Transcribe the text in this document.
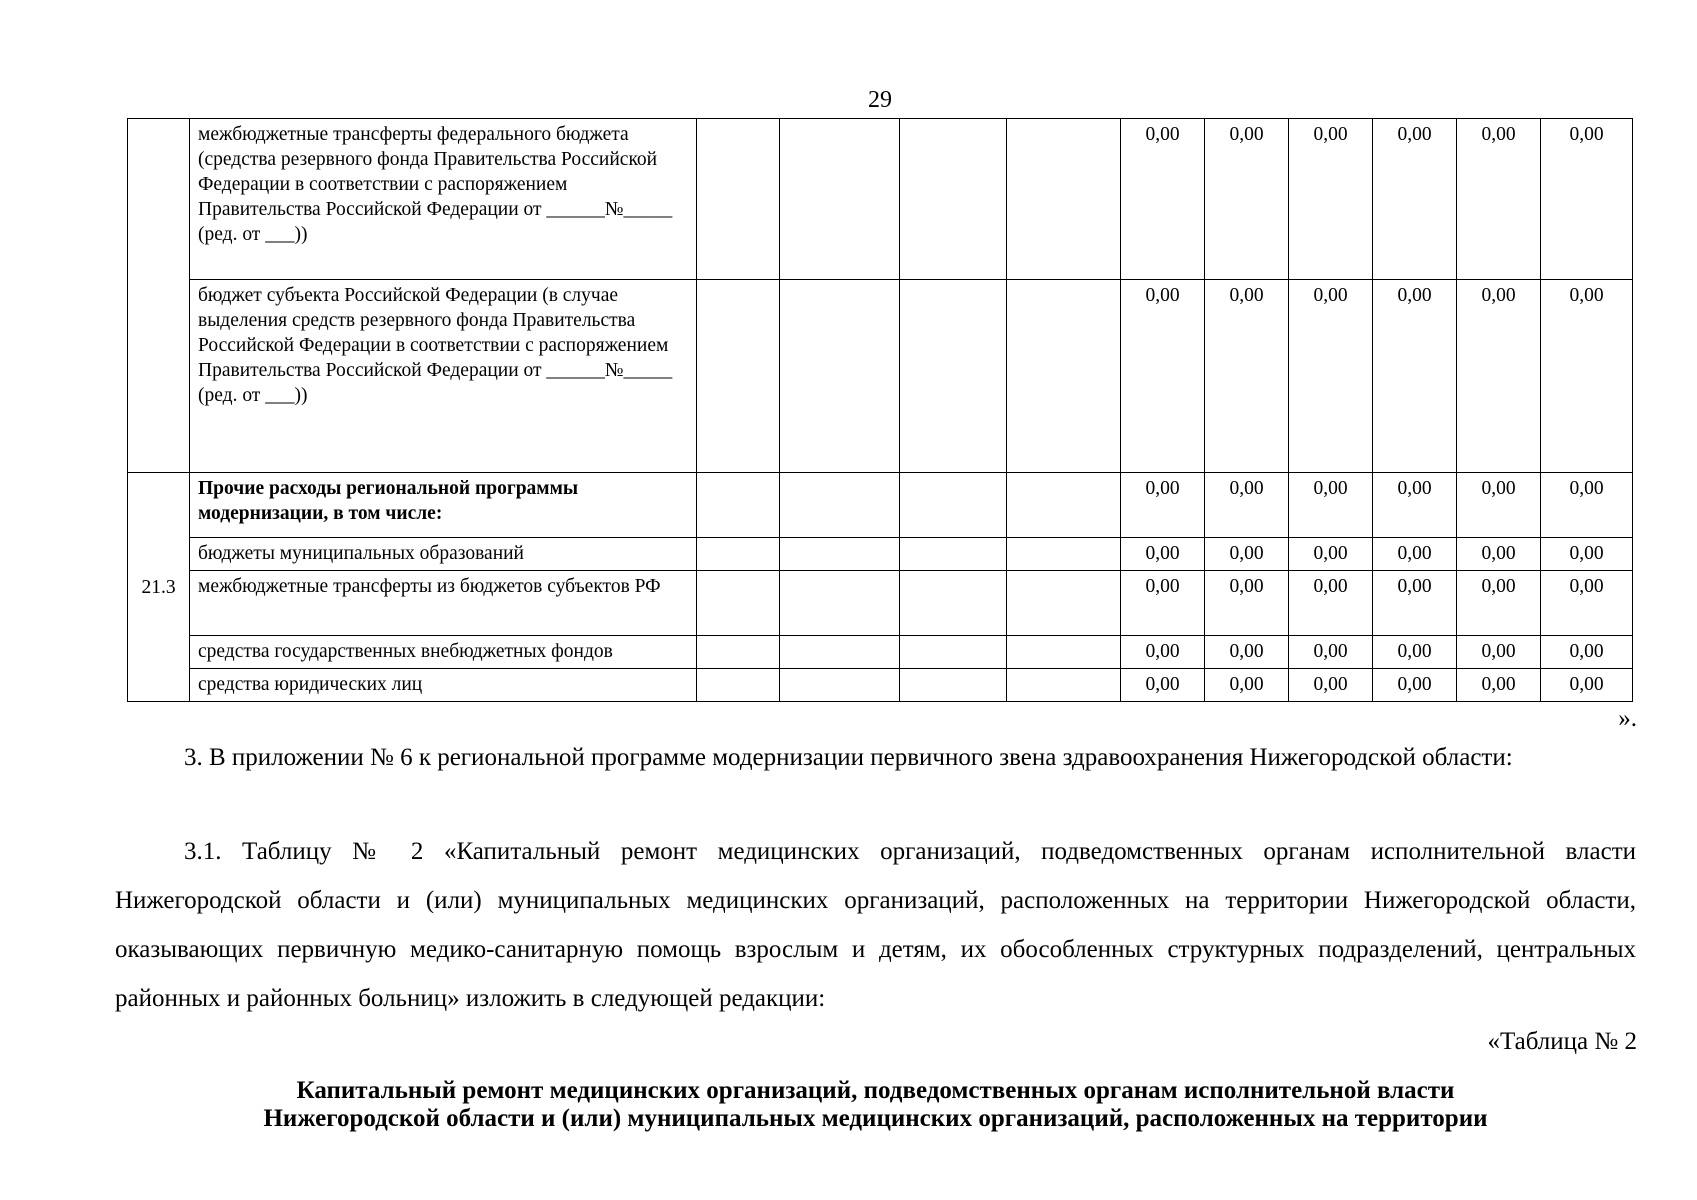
29
	межбюджетные трансферты федерального бюджета (средства резервного фонда Правительства Российской Федерации в соответствии с распоряжением Правительства Российской Федерации от ______№_____ (ред. от ___))					0,00	0,00	0,00	0,00	0,00	0,00
	бюджет субъекта Российской Федерации (в случае выделения средств резервного фонда Правительства Российской Федерации в соответствии с распоряжением Правительства Российской Федерации от ______№_____ (ред. от ___))					0,00	0,00	0,00	0,00	0,00	0,00
21.3	Прочие расходы региональной программы модернизации, в том числе:					0,00	0,00	0,00	0,00	0,00	0,00
	бюджеты муниципальных образований					0,00	0,00	0,00	0,00	0,00	0,00
	межбюджетные трансферты из бюджетов субъектов РФ					0,00	0,00	0,00	0,00	0,00	0,00
	средства государственных внебюджетных фондов					0,00	0,00	0,00	0,00	0,00	0,00
	средства юридических лиц					0,00	0,00	0,00	0,00	0,00	0,00
».
3. В приложении № 6 к региональной программе модернизации первичного звена здравоохранения Нижегородской области:
3.1. Таблицу № 2 «Капитальный ремонт медицинских организаций, подведомственных органам исполнительной власти Нижегородской области и (или) муниципальных медицинских организаций, расположенных на территории Нижегородской области, оказывающих первичную медико-санитарную помощь взрослым и детям, их обособленных структурных подразделений, центральных районных и районных больниц» изложить в следующей редакции:
«Таблица № 2
Капитальный ремонт медицинских организаций, подведомственных органам исполнительной власти
Нижегородской области и (или) муниципальных медицинских организаций, расположенных на территории
